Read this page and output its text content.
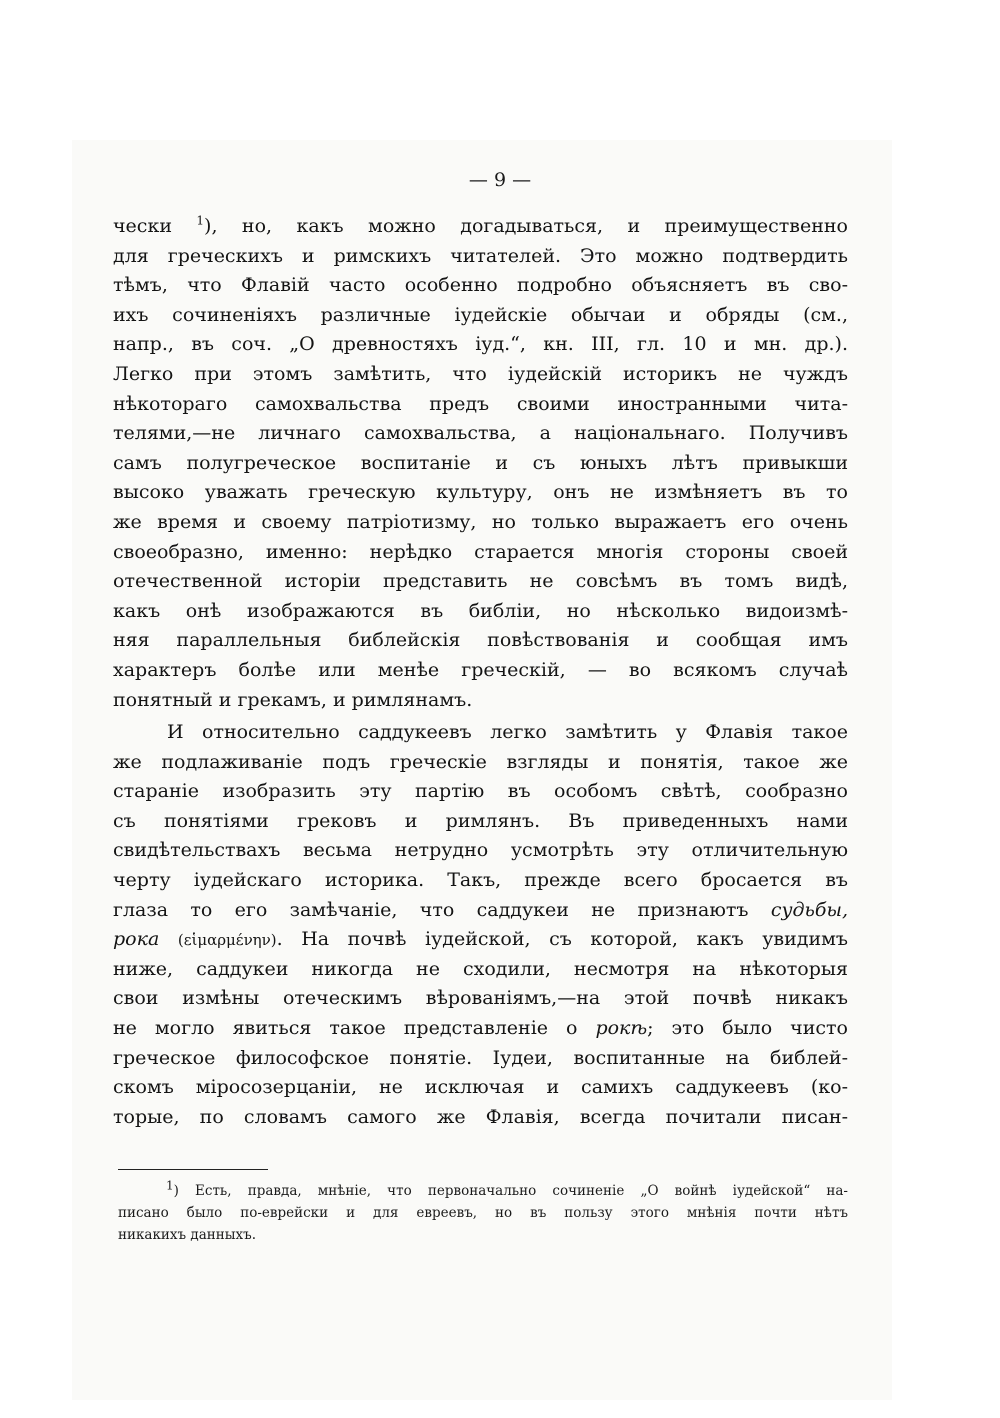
— 9 —
чески $^1$), но, какъ можно догадываться, и преимущественно
для греческихъ и римскихъ читателей. Это можно подтвердить
тѣмъ, что Флавій часто особенно подробно объясняетъ въ сво-
ихъ сочиненіяхъ различные іудейскіе обычаи и обряды (см.,
напр., въ соч. „О древностяхъ іуд.“, кн. III, гл. 10 и мн. др.).
Легко при этомъ замѣтить, что іудейскій историкъ не чуждъ
нѣкотораго самохвальства предъ своими иностранными чита-
телями,—не личнаго самохвальства, а національнаго. Получивъ
самъ полугреческое воспитаніе и съ юныхъ лѣтъ привыкши
высоко уважать греческую культуру, онъ не измѣняетъ въ то
же время и своему патріотизму, но только выражаетъ его очень
своеобразно, именно: нерѣдко старается многія стороны своей
отечественной исторіи представить не совсѣмъ въ томъ видѣ,
какъ онѣ изображаются въ библіи, но нѣсколько видоизмѣ-
няя параллельныя библейскія повѣствованія и сообщая имъ
характеръ болѣе или менѣе греческій, — во всякомъ случаѣ
понятный и грекамъ, и римлянамъ.
И относительно саддукеевъ легко замѣтить у Флавія такое
же подлаживаніе подъ греческіе взгляды и понятія, такое же
стараніе изобразить эту партію въ особомъ свѣтѣ, сообразно
съ понятіями грековъ и римлянъ. Въ приведенныхъ нами
свидѣтельствахъ весьма нетрудно усмотрѣть эту отличительную
черту іудейскаго историка. Такъ, прежде всего бросается въ
глаза то его замѣчаніе, что саддукеи не признаютъ судьбы,
рока (εἱμαρμένην). На почвѣ іудейской, съ которой, какъ увидимъ
ниже, саддукеи никогда не сходили, несмотря на нѣкоторыя
свои измѣны отеческимъ вѣрованіямъ,—на этой почвѣ никакъ
не могло явиться такое представленіе о рокѣ; это было чисто
греческое философское понятіе. Іудеи, воспитанные на библей-
скомъ міросозерцаніи, не исключая и самихъ саддукеевъ (ко-
торые, по словамъ самого же Флавія, всегда почитали писан-
$^1$) Есть, правда, мнѣніе, что первоначально сочиненіе „О войнѣ іудейской“ на-
писано было по-еврейски и для евреевъ, но въ пользу этого мнѣнія почти нѣтъ
никакихъ данныхъ.
